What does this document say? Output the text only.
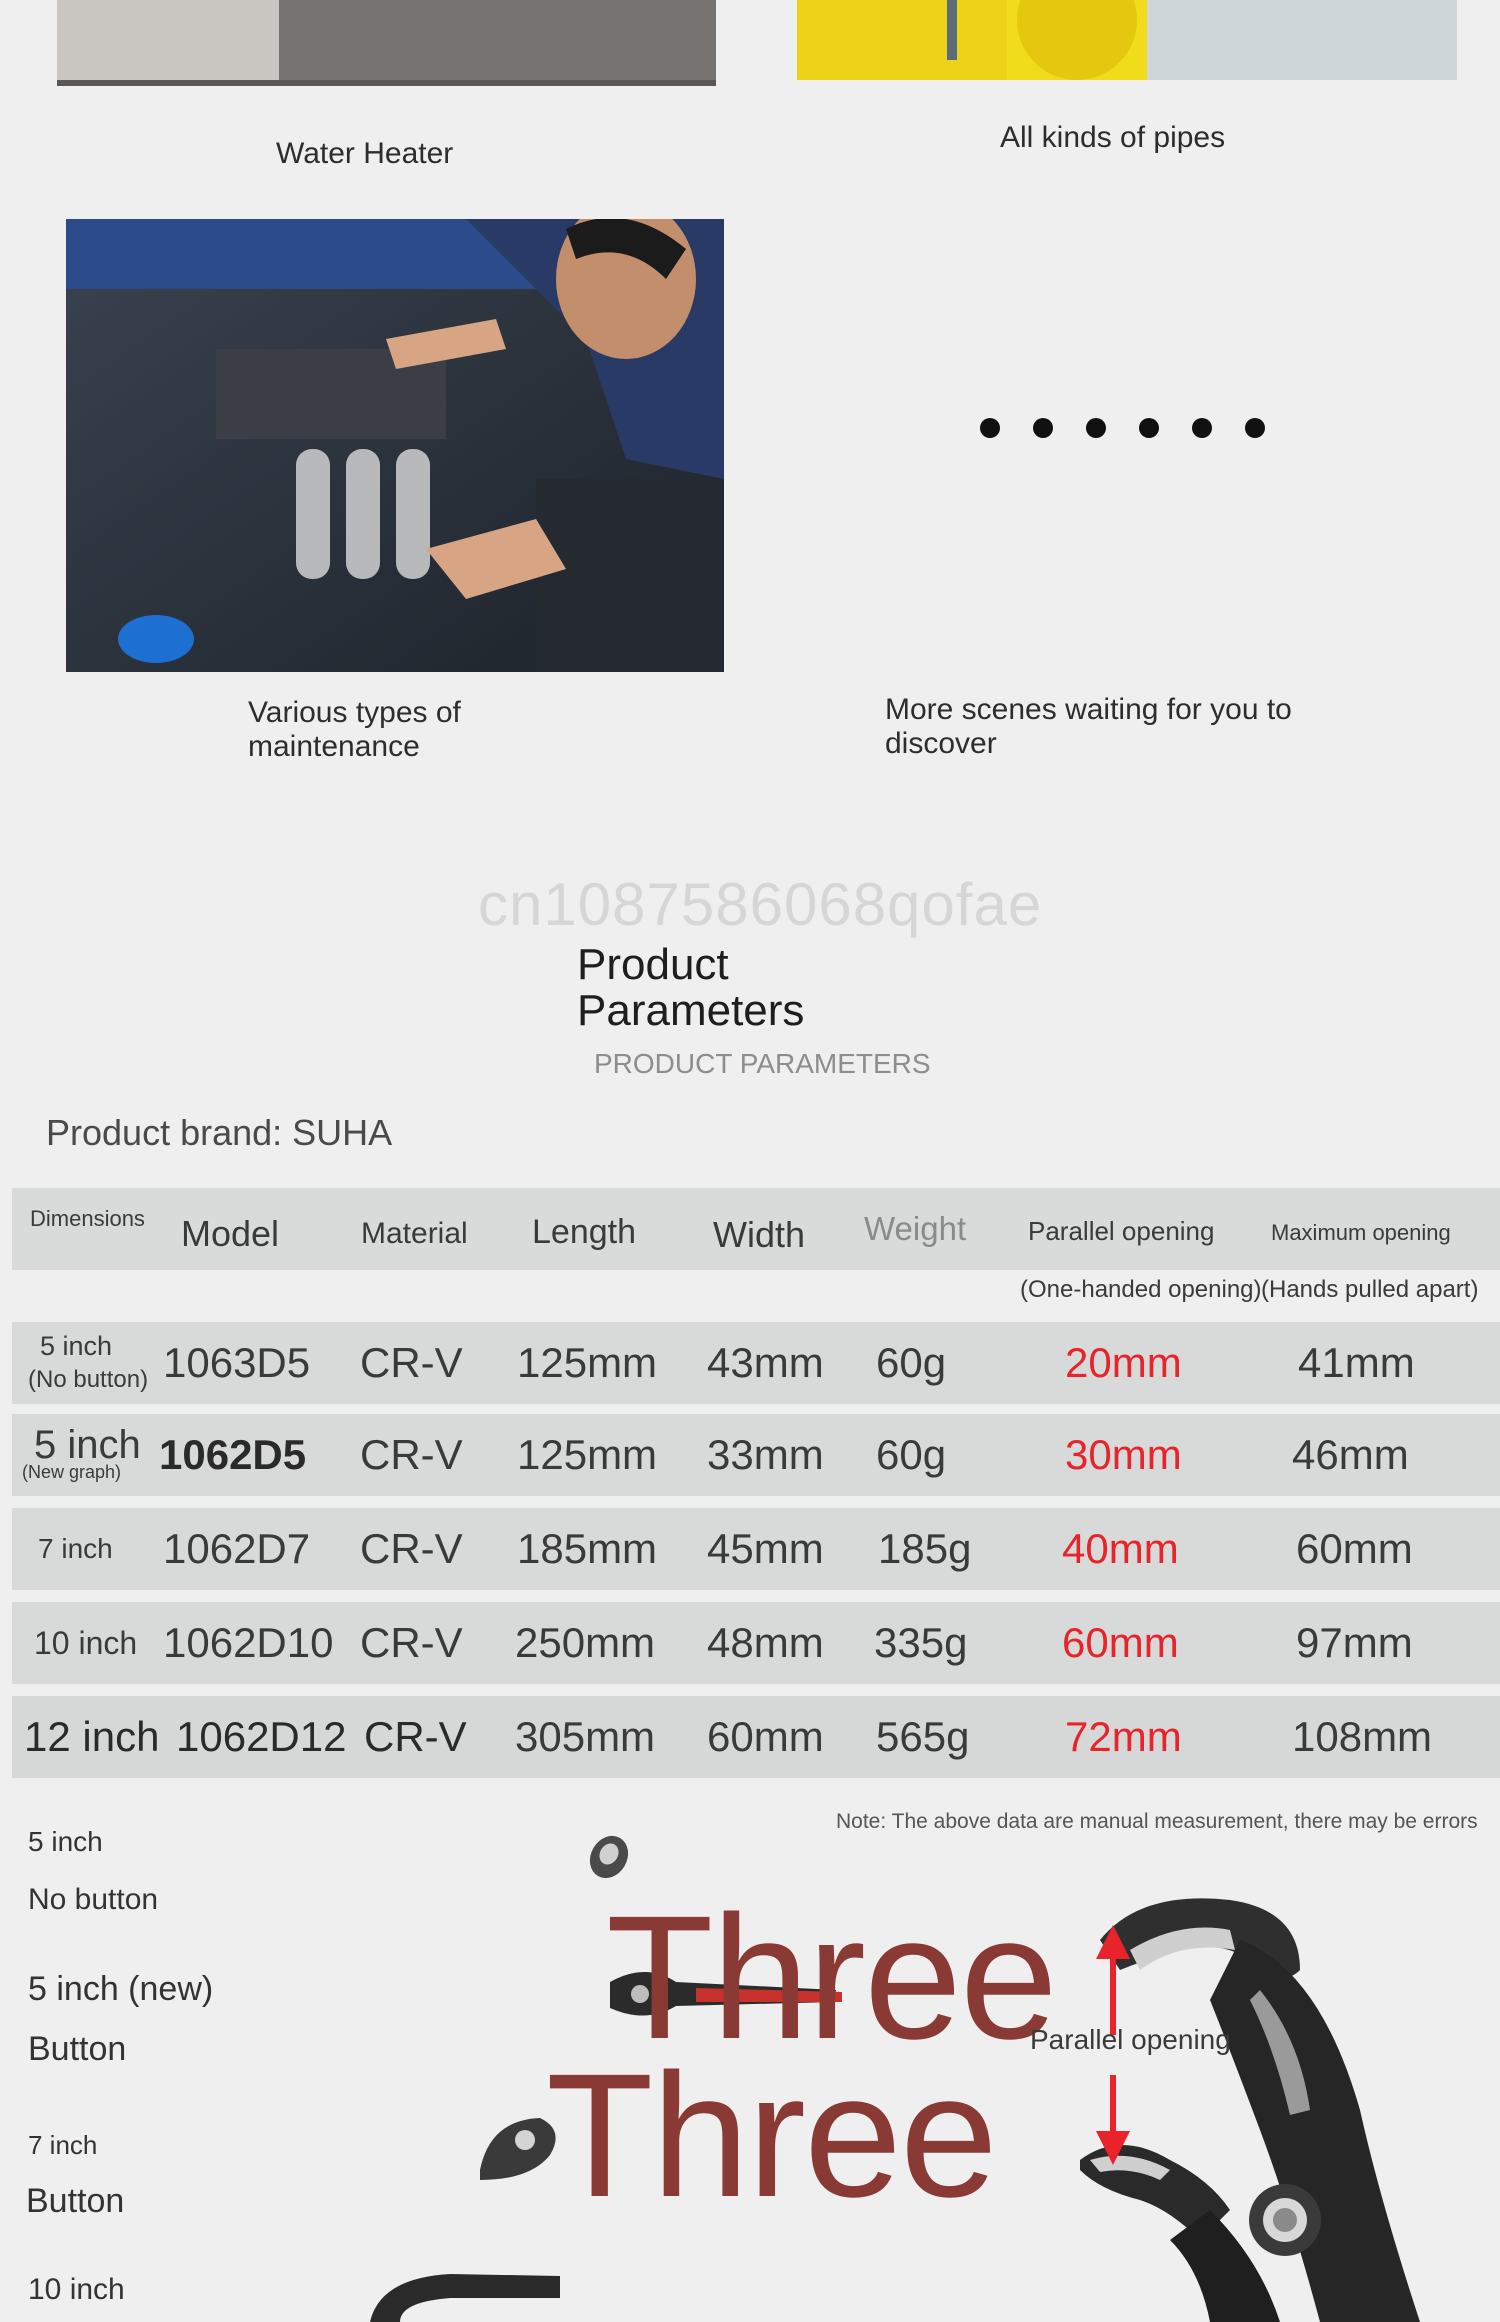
Water Heater	All kinds of pipes
Various types of maintenance
More scenes waiting for you to discover
cn1087586068qofae
Product Parameters
PRODUCT PARAMETERS
Product brand: SUHA
Dimensions Model	Material Length Width Weight Parallel opening	Maximum opening
(One-handed opening) (Hands pulled apart)
5 inch
(No button) 1063D5 CR-V 125mm 43mm 60g	20mm	41mm
5 inch
(New graph) 1062D5 CR-V 125mm 33mm 60g	30mm	46mm
7 inch 1062D7 CR-V 185mm 45mm 185g 40mm	60mm
10 inch 1062D10 CR-V 250mm 48mm 335g 60mm	97mm
12 inch 1062D12 CR-V 305mm 60mm 565g 72mm	108mm
Note: The above data are manual measurement, there may be errors
5 inch
No button
5 inch (new)
Button
7 inch
Button
10 inch
Three
Three Parallel opening
